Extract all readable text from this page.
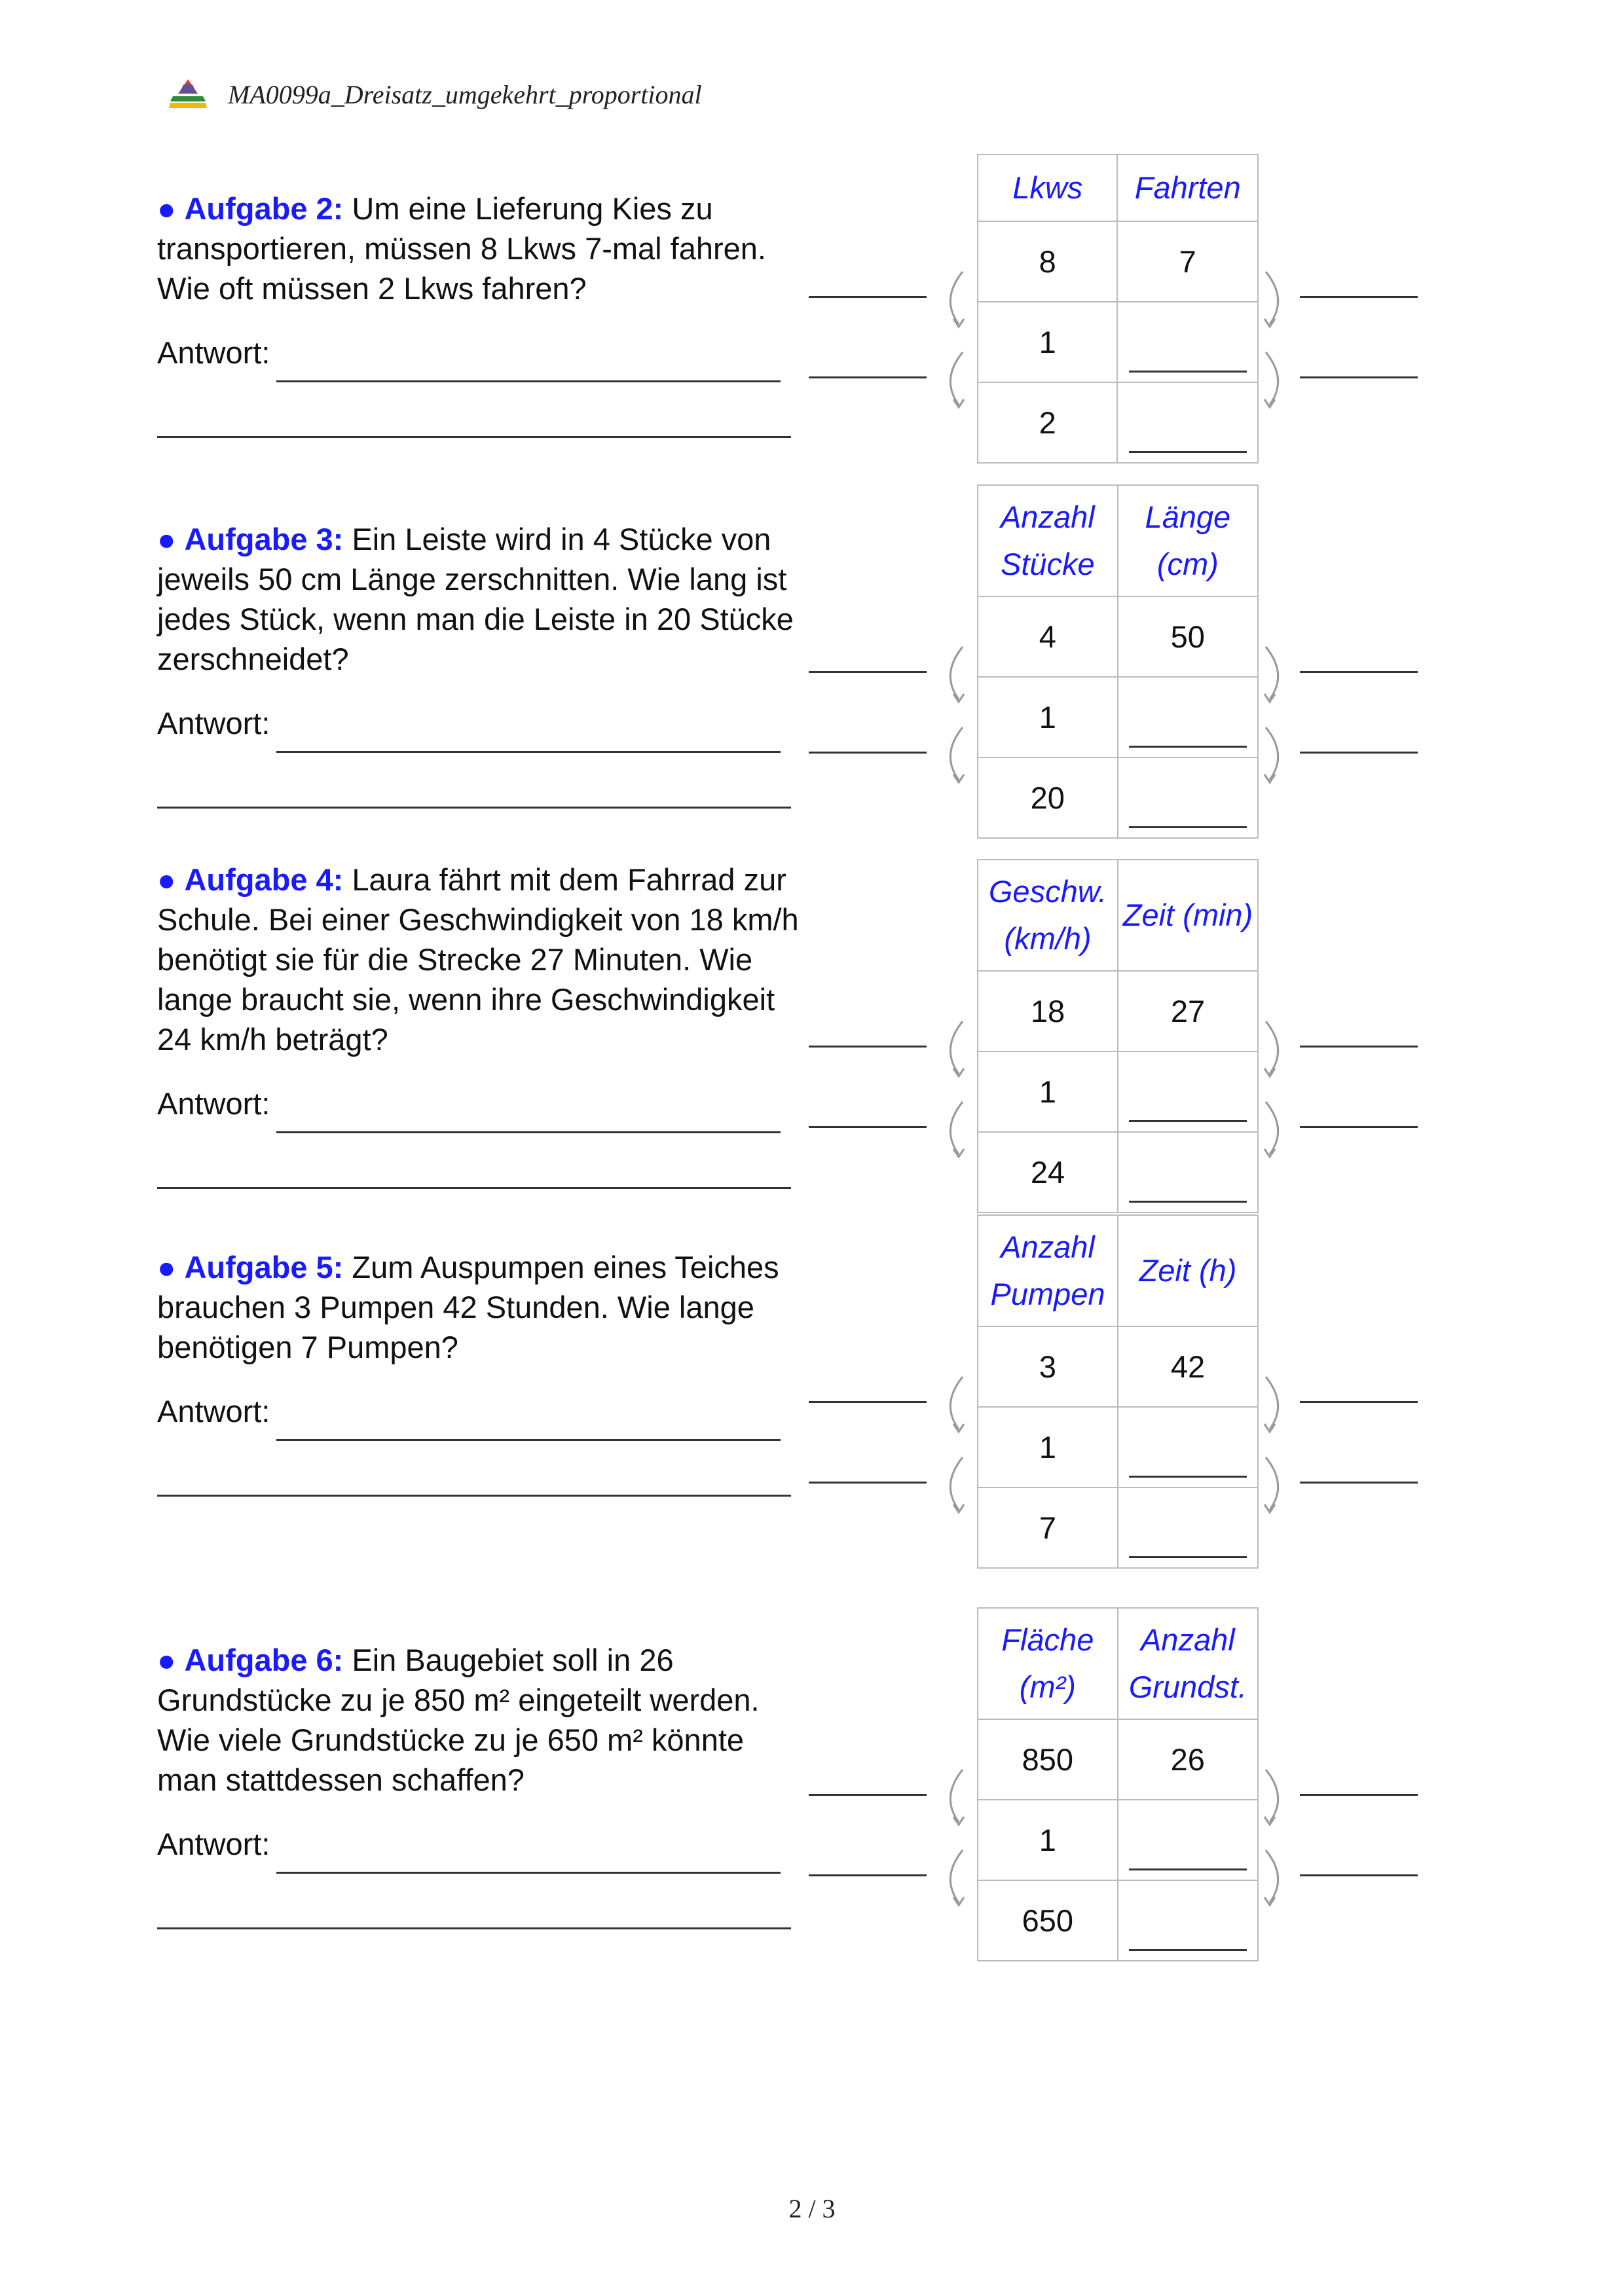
MA0099a_Dreisatz_umgekehrt_proportional

● Aufgabe 2: Um eine Lieferung Kies zu transportieren, müssen 8 Lkws 7-mal fahren. Wie oft müssen 2 Lkws fahren?

Antwort:
Lkws	Fahrten
8	7
1	
2	

● Aufgabe 3: Ein Leiste wird in 4 Stücke von jeweils 50 cm Länge zerschnitten. Wie lang ist jedes Stück, wenn man die Leiste in 20 Stücke zerschneidet?

Antwort:
Anzahl Stücke	Länge (cm)
4	50
1	
20	

● Aufgabe 4: Laura fährt mit dem Fahrrad zur Schule. Bei einer Geschwindigkeit von 18 km/h benötigt sie für die Strecke 27 Minuten. Wie lange braucht sie, wenn ihre Geschwindigkeit 24 km/h beträgt?

Antwort:
Geschw. (km/h)	Zeit (min)
18	27
1	
24	

● Aufgabe 5: Zum Auspumpen eines Teiches brauchen 3 Pumpen 42 Stunden. Wie lange benötigen 7 Pumpen?

Antwort:
Anzahl Pumpen	Zeit (h)
3	42
1	
7	

● Aufgabe 6: Ein Baugebiet soll in 26 Grundstücke zu je 850 m² eingeteilt werden. Wie viele Grundstücke zu je 650 m² könnte man stattdessen schaffen?

Antwort:
Fläche (m²)	Anzahl Grundst.
850	26
1	
650	
2 / 3
